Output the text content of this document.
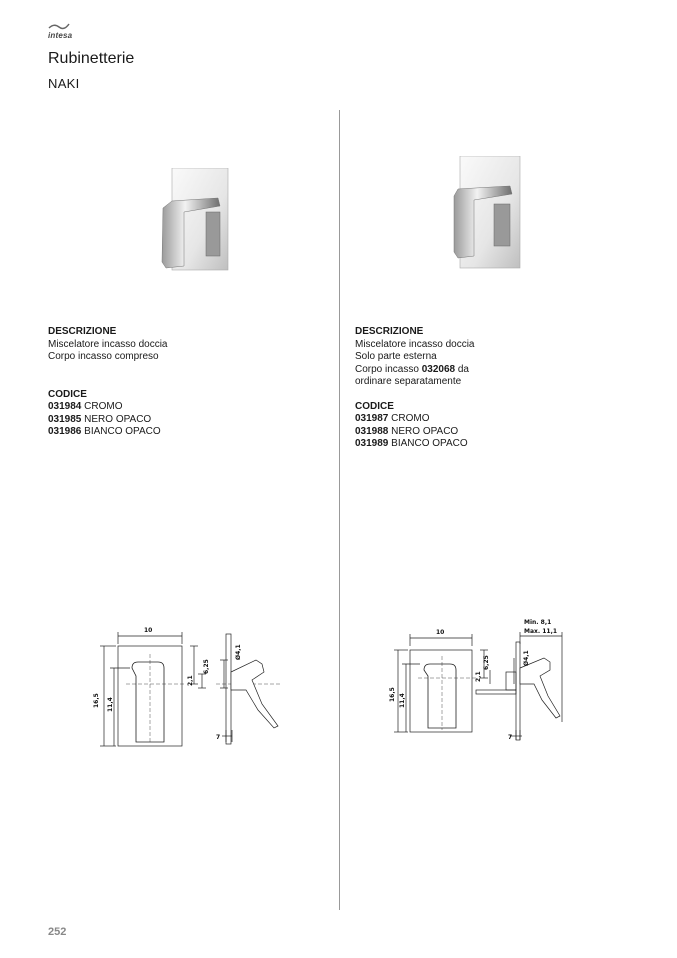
intesa
Rubinetterie
NAKI
DESCRIZIONE
Miscelatore incasso doccia
Corpo incasso compreso
CODICE
031984 CROMO
031985 NERO OPACO
031986 BIANCO OPACO
DESCRIZIONE
Miscelatore incasso doccia
Solo parte esterna
Corpo incasso 032068 da
ordinare separatamente
CODICE
031987 CROMO
031988 NERO OPACO
031989 BIANCO OPACO
10
16,5 11,4
6,25
2,1
Ø4,1
7
Min. 8,1
Max. 11,1
10
16,5 11,4
6,25
2,1
Ø4,1
7
252
